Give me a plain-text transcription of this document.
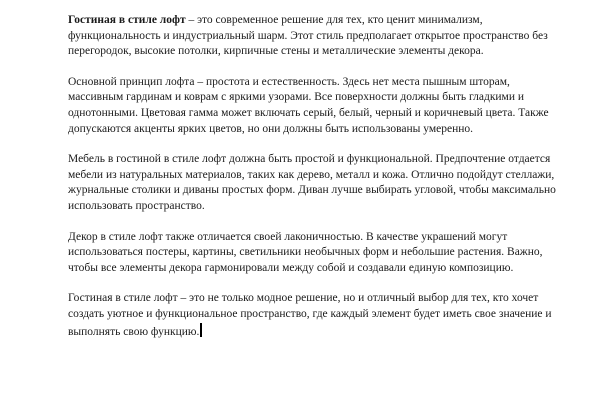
Гостиная в стиле лофт – это современное решение для тех, кто ценит минимализм, функциональность и индустриальный шарм. Этот стиль предполагает открытое пространство без перегородок, высокие потолки, кирпичные стены и металлические элементы декора.

Основной принцип лофта – простота и естественность. Здесь нет места пышным шторам, массивным гардинам и коврам с яркими узорами. Все поверхности должны быть гладкими и однотонными. Цветовая гамма может включать серый, белый, черный и коричневый цвета. Также допускаются акценты ярких цветов, но они должны быть использованы умеренно.

Мебель в гостиной в стиле лофт должна быть простой и функциональной. Предпочтение отдается мебели из натуральных материалов, таких как дерево, металл и кожа. Отлично подойдут стеллажи, журнальные столики и диваны простых форм. Диван лучше выбирать угловой, чтобы максимально использовать пространство.

Декор в стиле лофт также отличается своей лаконичностью. В качестве украшений могут использоваться постеры, картины, светильники необычных форм и небольшие растения. Важно, чтобы все элементы декора гармонировали между собой и создавали единую композицию.

Гостиная в стиле лофт – это не только модное решение, но и отличный выбор для тех, кто хочет создать уютное и функциональное пространство, где каждый элемент будет иметь свое значение и выполнять свою функцию.
